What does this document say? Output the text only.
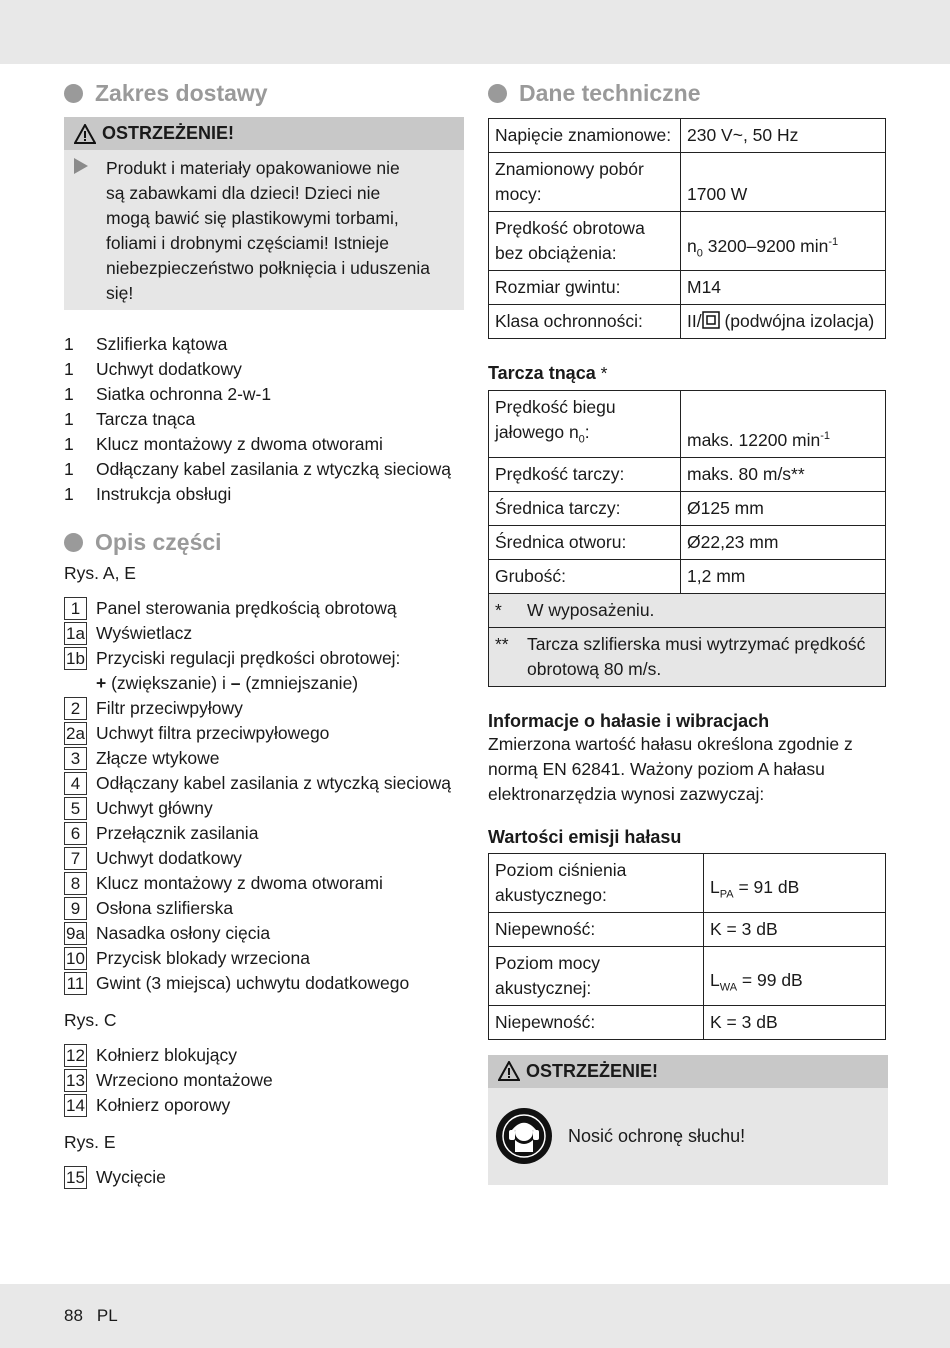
Zakres dostawy
OSTRZEŻENIE!
Produkt i materiały opakowaniowe nie
są zabawkami dla dzieci! Dzieci nie
mogą bawić się plastikowymi torbami,
foliami i drobnymi częściami! Istnieje
niebezpieczeństwo połknięcia i uduszenia
się!
1	Szlifierka kątowa
1	Uchwyt dodatkowy
1	Siatka ochronna 2-w-1
1	Tarcza tnąca
1	Klucz montażowy z dwoma otworami
1	Odłączany kabel zasilania z wtyczką sieciową
1	Instrukcja obsługi
Opis części
Rys. A, E
1 Panel sterowania prędkością obrotową
1a Wyświetlacz
1b Przyciski regulacji prędkości obrotowej:
+ (zwiększanie) i – (zmniejszanie)
2 Filtr przeciwpyłowy
2a Uchwyt filtra przeciwpyłowego
3 Złącze wtykowe
4 Odłączany kabel zasilania z wtyczką sieciową
5 Uchwyt główny
6 Przełącznik zasilania
7 Uchwyt dodatkowy
8 Klucz montażowy z dwoma otworami
9 Osłona szlifierska
9a Nasadka osłony cięcia
10 Przycisk blokady wrzeciona
11 Gwint (3 miejsca) uchwytu dodatkowego
Rys. C
12 Kołnierz blokujący
13 Wrzeciono montażowe
14 Kołnierz oporowy
Rys. E
15 Wycięcie
Dane techniczne
Napięcie znamionowe:	230 V~, 50 Hz
Znamionowy pobór mocy:	1700 W
Prędkość obrotowa bez obciążenia:	$n_0$ 3200–9200 $\min^{-1}$
Rozmiar gwintu:	M14
Klasa ochronności:	II/ (podwójna izolacja)
Tarcza tnąca *
Prędkość biegu jałowego $n_0$:	maks. 12200 $\min^{-1}$
Prędkość tarczy:	maks. 80 m/s**
Średnica tarczy:	Ø125 mm
Średnica otworu:	Ø22,23 mm
Grubość:	1,2 mm

* W wyposażeniu.	

** Tarcza szlifierska musi wytrzymać prędkość obrotową 80 m/s.	
Informacje o hałasie i wibracjach
Zmierzona wartość hałasu określona zgodnie z normą EN 62841. Ważony poziom A hałasu elektronarzędzia wynosi zazwyczaj:
Wartości emisji hałasu
Poziom ciśnienia akustycznego:	$L_{PA} = 91$ dB
Niepewność:	K = 3 dB
Poziom mocy akustycznej:	$L_{WA} = 99$ dB
Niepewność:	K = 3 dB
OSTRZEŻENIE!
Nosić ochronę słuchu!
88 PL
